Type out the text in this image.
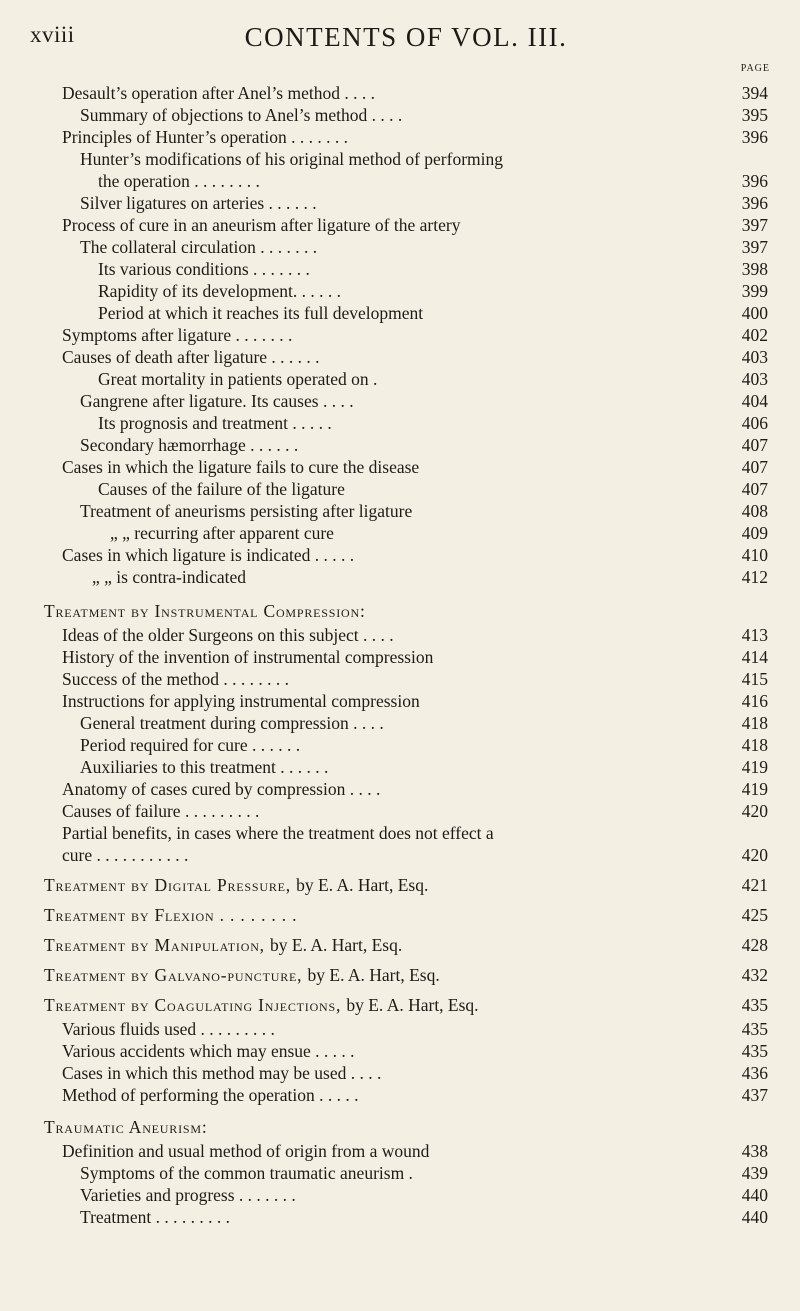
xviii	CONTENTS OF VOL. III.
PAGE
Desault’s operation after Anel’s method . . . .	394
Summary of objections to Anel’s method . . . .	395
Principles of Hunter’s operation . . . . . . .	396
Hunter’s modifications of his original method of performing
the operation . . . . . . . .	396
Silver ligatures on arteries . . . . . .	396
Process of cure in an aneurism after ligature of the artery	397
The collateral circulation . . . . . . .	397
Its various conditions . . . . . . .	398
Rapidity of its development. . . . . .	399
Period at which it reaches its full development	400
Symptoms after ligature . . . . . . .	402
Causes of death after ligature . . . . . .	403
Great mortality in patients operated on .	403
Gangrene after ligature. Its causes . . . .	404
Its prognosis and treatment . . . . .	406
Secondary hæmorrhage . . . . . .	407
Cases in which the ligature fails to cure the disease	407
Causes of the failure of the ligature	407
Treatment of aneurisms persisting after ligature	408
„ „ recurring after apparent cure	409
Cases in which ligature is indicated . . . . .	410
„ „ is contra-indicated	412
Treatment by Instrumental Compression:
Ideas of the older Surgeons on this subject . . . .	413
History of the invention of instrumental compression	414
Success of the method . . . . . . . .	415
Instructions for applying instrumental compression	416
General treatment during compression . . . .	418
Period required for cure . . . . . .	418
Auxiliaries to this treatment . . . . . .	419
Anatomy of cases cured by compression . . . .	419
Causes of failure . . . . . . . . .	420
Partial benefits, in cases where the treatment does not effect a
cure . . . . . . . . . . .	420
Treatment by Digital Pressure, by E. A. Hart, Esq.	421
Treatment by Flexion . . . . . . . .	425
Treatment by Manipulation, by E. A. Hart, Esq.	428
Treatment by Galvano-puncture, by E. A. Hart, Esq.	432
Treatment by Coagulating Injections, by E. A. Hart, Esq.	435
Various fluids used . . . . . . . . .	435
Various accidents which may ensue . . . . .	435
Cases in which this method may be used . . . .	436
Method of performing the operation . . . . .	437
Traumatic Aneurism:
Definition and usual method of origin from a wound	438
Symptoms of the common traumatic aneurism .	439
Varieties and progress . . . . . . .	440
Treatment . . . . . . . . .	440
